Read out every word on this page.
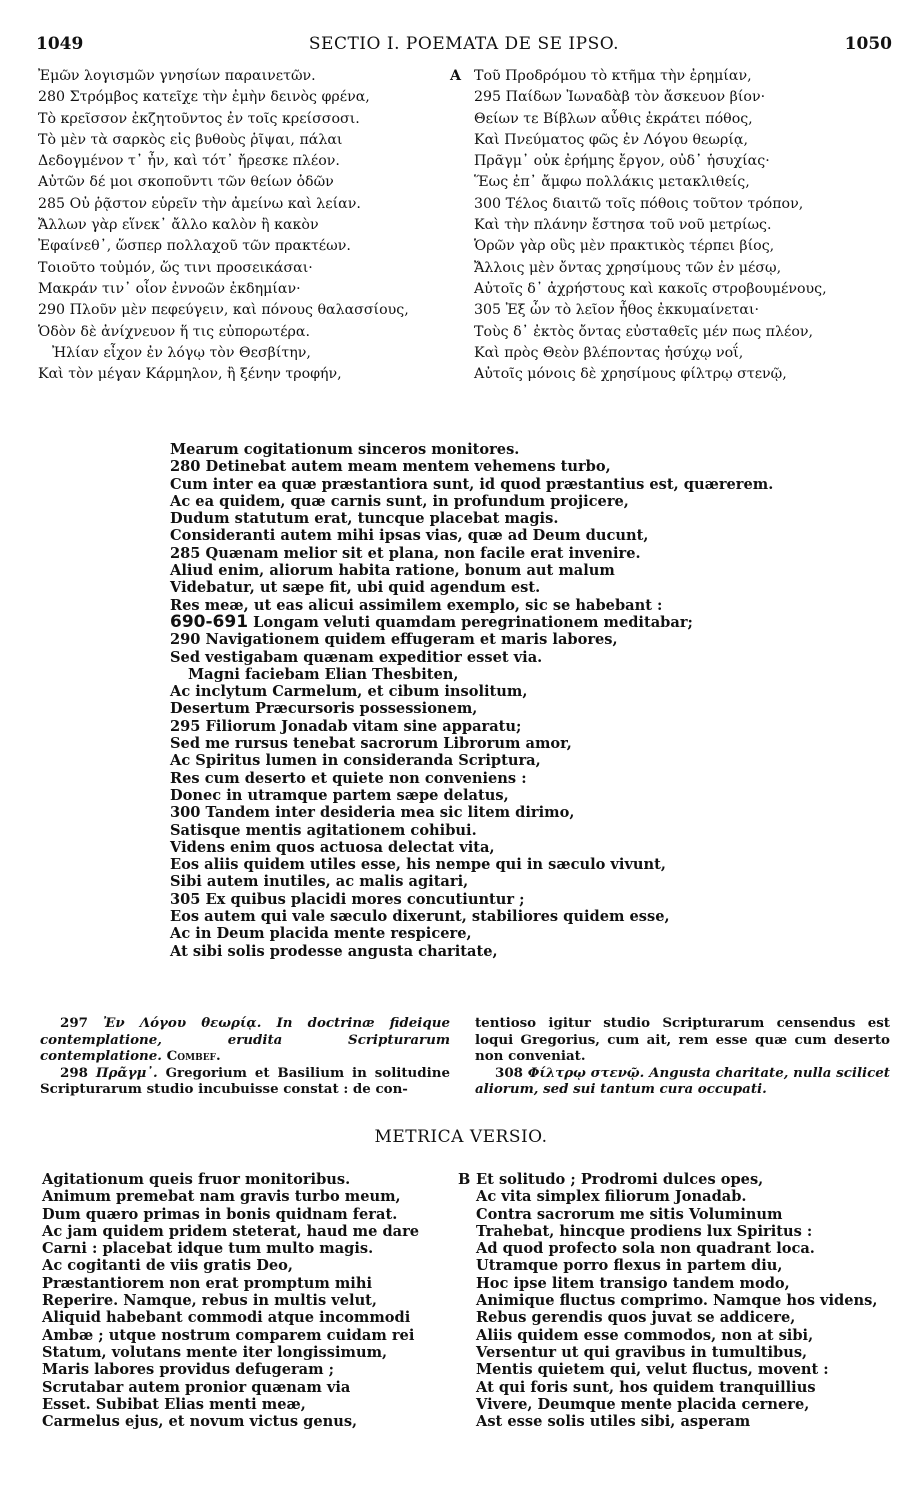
1049	SECTIO I. POEMATA DE SE IPSO.	1050
Ἐμῶν λογισμῶν γνησίων παραινετῶν.
280 Στρόμβος κατεῖχε τὴν ἐμὴν δεινὸς φρένα,
Τὸ κρεῖσσον ἐκζητοῦντος ἐν τοῖς κρείσσοσι.
Τὸ μὲν τὰ σαρκὸς εἰς βυθοὺς ῥῖψαι, πάλαι
Δεδογμένον τ᾽ ἦν, καὶ τότ᾽ ἤρεσκε πλέον.
Αὐτῶν δέ μοι σκοποῦντι τῶν θείων ὁδῶν
285 Οὐ ῥᾷστον εὑρεῖν τὴν ἀμείνω καὶ λείαν.
Ἄλλων γὰρ εἵνεκ᾽ ἄλλο καλὸν ἢ κακὸν
Ἐφαίνεθ᾽, ὥσπερ πολλαχοῦ τῶν πρακτέων.
Τοιοῦτο τοὐμόν, ὥς τινι προσεικάσαι·
Μακράν τιν᾽ οἷον ἐννοῶν ἐκδημίαν·
290 Πλοῦν μὲν πεφεύγειν, καὶ πόνους θαλασσίους,
Ὁδὸν δὲ ἀνίχνευον ἥ τις εὐπορωτέρα.
Ἠλίαν εἶχον ἐν λόγῳ τὸν Θεσβίτην,
Καὶ τὸν μέγαν Κάρμηλον, ἢ ξένην τροφήν,
A Τοῦ Προδρόμου τὸ κτῆμα τὴν ἐρημίαν,
295 Παίδων Ἰωναδὰβ τὸν ἄσκευον βίον·
Θείων τε Βίβλων αὖθις ἐκράτει πόθος,
Καὶ Πνεύματος φῶς ἐν Λόγου θεωρίᾳ,
Πρᾶγμ᾽ οὐκ ἐρήμης ἔργον, οὐδ᾽ ἡσυχίας·
Ἕως ἐπ᾽ ἄμφω πολλάκις μετακλιθείς,
300 Τέλος διαιτῶ τοῖς πόθοις τοῦτον τρόπον,
Καὶ τὴν πλάνην ἔστησα τοῦ νοῦ μετρίως.
Ὁρῶν γὰρ οὓς μὲν πρακτικὸς τέρπει βίος,
Ἄλλοις μὲν ὄντας χρησίμους τῶν ἐν μέσῳ,
Αὐτοῖς δ᾽ ἀχρήστους καὶ κακοῖς στροβουμένους,
305 Ἐξ ὧν τὸ λεῖον ἦθος ἐκκυμαίνεται·
Τοὺς δ᾽ ἐκτὸς ὄντας εὐσταθεῖς μέν πως πλέον,
Καὶ πρὸς Θεὸν βλέποντας ἡσύχῳ νοΐ,
Αὐτοῖς μόνοις δὲ χρησίμους φίλτρῳ στενῷ,
Mearum cogitationum sinceros monitores.
280 Detinebat autem meam mentem vehemens turbo,
Cum inter ea quæ præstantiora sunt, id quod præstantius est, quærerem.
Ac ea quidem, quæ carnis sunt, in profundum projicere,
Dudum statutum erat, tuncque placebat magis.
Consideranti autem mihi ipsas vias, quæ ad Deum ducunt,
285 Quænam melior sit et plana, non facile erat invenire.
Aliud enim, aliorum habita ratione, bonum aut malum
Videbatur, ut sæpe fit, ubi quid agendum est.
Res meæ, ut eas alicui assimilem exemplo, sic se habebant :
690-691 Longam veluti quamdam peregrinationem meditabar;
290 Navigationem quidem effugeram et maris labores,
Sed vestigabam quænam expeditior esset via.
Magni faciebam Elian Thesbiten,
Ac inclytum Carmelum, et cibum insolitum,
Desertum Præcursoris possessionem,
295 Filiorum Jonadab vitam sine apparatu;
Sed me rursus tenebat sacrorum Librorum amor,
Ac Spiritus lumen in consideranda Scriptura,
Res cum deserto et quiete non conveniens :
Donec in utramque partem sæpe delatus,
300 Tandem inter desideria mea sic litem dirimo,
Satisque mentis agitationem cohibui.
Videns enim quos actuosa delectat vita,
Eos aliis quidem utiles esse, his nempe qui in sæculo vivunt,
Sibi autem inutiles, ac malis agitari,
305 Ex quibus placidi mores concutiuntur ;
Eos autem qui vale sæculo dixerunt, stabiliores quidem esse,
Ac in Deum placida mente respicere,
At sibi solis prodesse angusta charitate,

297 Ἐν Λόγου θεωρίᾳ. In doctrinæ fideique contemplatione, erudita Scripturarum contemplatione. Combef.

298 Πρᾶγμ᾽. Gregorium et Basilium in solitudine Scripturarum studio incubuisse constat : de con-

tentioso igitur studio Scripturarum censendus est loqui Gregorius, cum ait, rem esse quæ cum deserto non conveniat.

308 Φίλτρῳ στενῷ. Angusta charitate, nulla scilicet aliorum, sed sui tantum cura occupati.

METRICA VERSIO.
Agitationum queis fruor monitoribus.
Animum premebat nam gravis turbo meum,
Dum quæro primas in bonis quidnam ferat.
Ac jam quidem pridem steterat, haud me dare
Carni : placebat idque tum multo magis.
Ac cogitanti de viis gratis Deo,
Præstantiorem non erat promptum mihi
Reperire. Namque, rebus in multis velut,
Aliquid habebant commodi atque incommodi
Ambæ ; utque nostrum comparem cuidam rei
Statum, volutans mente iter longissimum,
Maris labores providus defugeram ;
Scrutabar autem pronior quænam via
Esset. Subibat Elias menti meæ,
Carmelus ejus, et novum victus genus,
B Et solitudo ; Prodromi dulces opes,
Ac vita simplex filiorum Jonadab.
Contra sacrorum me sitis Voluminum
Trahebat, hincque prodiens lux Spiritus :
Ad quod profecto sola non quadrant loca.
Utramque porro flexus in partem diu,
Hoc ipse litem transigo tandem modo,
Animique fluctus comprimo. Namque hos videns,
Rebus gerendis quos juvat se addicere,
Aliis quidem esse commodos, non at sibi,
Versentur ut qui gravibus in tumultibus,
Mentis quietem qui, velut fluctus, movent :
At qui foris sunt, hos quidem tranquillius
Vivere, Deumque mente placida cernere,
Ast esse solis utiles sibi, asperam
